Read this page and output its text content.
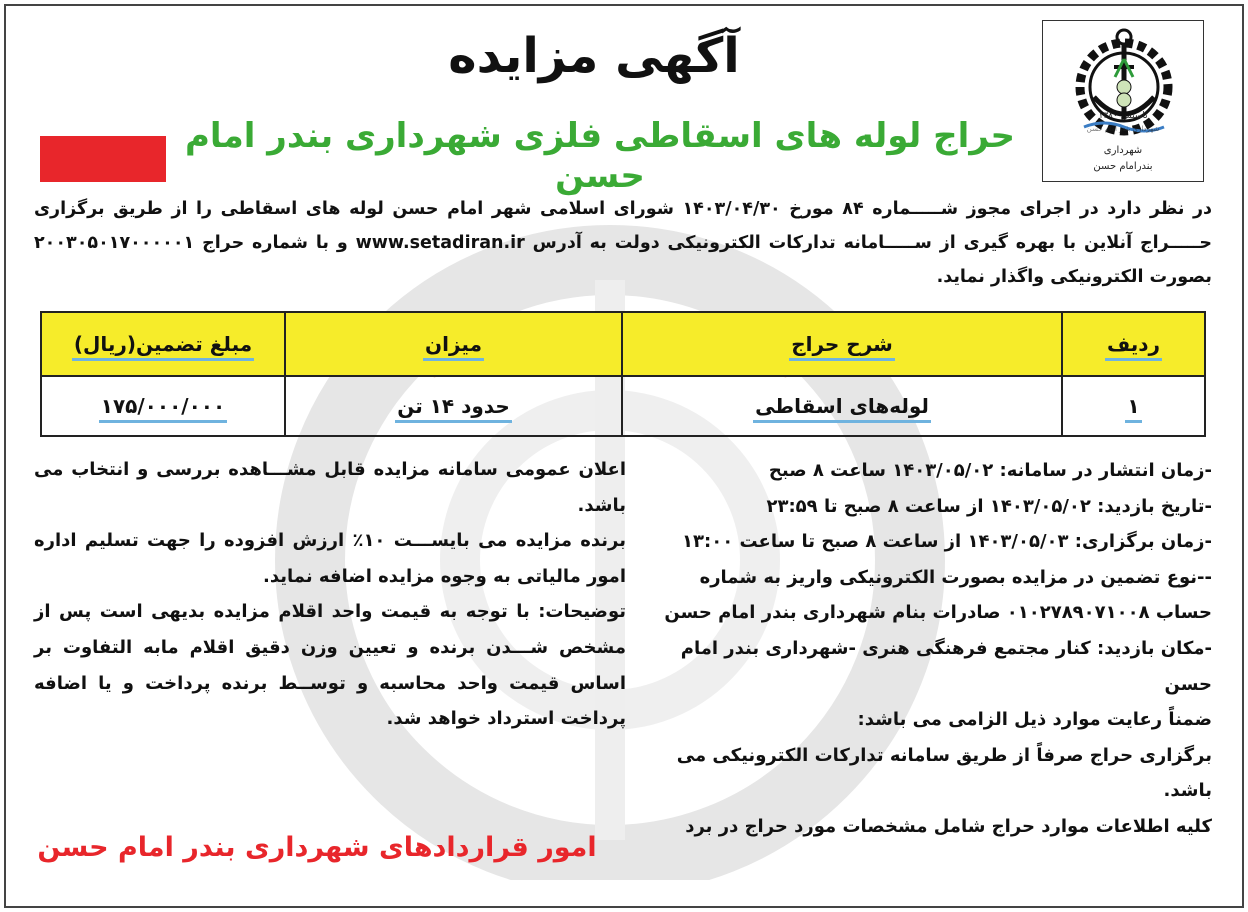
تاسیس ۱۳۸۰
شهرداری بندر امام حسن
شهرداری
بندرامام حسن
آگهی مزایده
حراج لوله های اسقاطی فلزی شهرداری بندر امام حسن
در نظر دارد در اجرای مجوز شـــــماره ۸۴ مورخ ۱۴۰۳/۰۴/۳۰ شورای اسلامی شهر امام حسن لوله های اسقاطی را از طریق برگزاری حـــــراج آنلاین با بهره گیری از ســـــامانه تدارکات الکترونیکی دولت به آدرس www.setadiran.ir و با شماره حراج ۲۰۰۳۰۵۰۱۷۰۰۰۰۰۱ بصورت الکترونیکی واگذار نماید.
ردیف	شرح حراج	میزان	مبلغ تضمین(ریال)
۱	لوله‌های اسقاطی	حدود ۱۴ تن	۱۷۵/۰۰۰/۰۰۰

-زمان انتشار در سامانه: ۱۴۰۳/۰۵/۰۲ ساعت ۸ صبح

-تاریخ بازدید: ۱۴۰۳/۰۵/۰۲ از ساعت ۸ صبح تا ۲۳:۵۹

-زمان برگزاری: ۱۴۰۳/۰۵/۰۳ از ساعت ۸ صبح تا ساعت ۱۳:۰۰

--نوع تضمین در مزایده بصورت الکترونیکی واریز به شماره حساب ۰۱۰۲۷۸۹۰۷۱۰۰۸ صادرات بنام شهرداری بندر امام حسن

-مکان بازدید: کنار مجتمع فرهنگی هنری -شهرداری بندر امام حسن

ضمناً رعایت موارد ذیل الزامی می باشد:

برگزاری حراج صرفاً از طریق سامانه تدارکات الکترونیکی می باشد.

کلیه اطلاعات موارد حراج شامل مشخصات مورد حراج در برد

اعلان عمومی سامانه مزایده قابل مشـــاهده بررسی و انتخاب می باشد.

برنده مزایده می بایســـت ۱۰٪ ارزش افزوده را جهت تسلیم اداره امور مالیاتی به وجوه مزایده اضافه نماید.

توضیحات: با توجه به قیمت واحد اقلام مزایده بدیهی است پس از مشخص شـــدن برنده و تعیین وزن دقیق اقلام مابه التفاوت بر اساس قیمت واحد محاسبه و توســط برنده پرداخت و یا اضافه پرداخت استرداد خواهد شد.

امور قراردادهای شهرداری بندر امام حسن
